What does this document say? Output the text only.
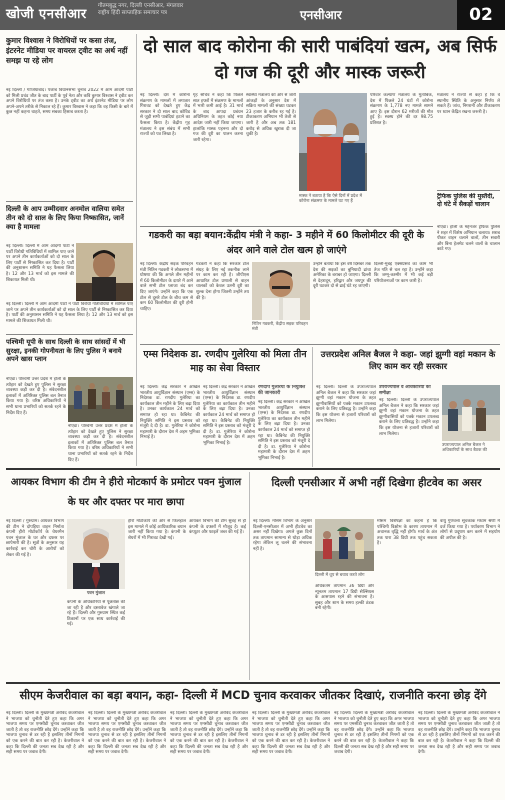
खोजी एनसीआर
गौतमबुद्ध नगर, दिल्ली एनसीआर, मंगलवार
राष्ट्रीय हिंदी साप्ताहिक समाचार पत्र	एनसीआर	02
कुमार विश्वास ने विरोधियों पर कसा तंज, इंटरनेट मीडिया पर वायरल ट्वीट का अर्थ नहीं समझ पा रहे लोग
नई दिल्ली / गाजियाबाद। पंजाब विधानसभा चुनाव 2022 में आम आदमी पार्टी को मिली प्रचंड जीत के बाद पार्टी के पूर्व नेता और कवि कुमार विश्वास ने ट्वीट कर अपने विरोधियों पर तंज कसा है। उनके ट्वीट का अर्थ इंटरनेट मीडिया पर लोग अपने-अपने तरीके से निकाल रहे हैं। कुमार विश्वास ने कहा कि वह किसी के बारे में कुछ नहीं कहना चाहते, समय सबका हिसाब करता है।
दिल्ली के आप उम्मीदवार अनमोल वालिया समेत तीन को दो साल के लिए किया निष्कासित, जानें क्या है मामला
नई दिल्ली। दिल्ली में आम आदमी पार्टी ने पार्टी विरोधी गतिविधियों में शामिल पाए जाने पर अपने तीन कार्यकर्ताओं को दो साल के लिए पार्टी से निष्कासित कर दिया है। पार्टी की अनुशासन समिति ने यह फैसला लिया है। 12 और 13 मार्च को इस मामले की शिकायत मिली थी।
नई दिल्ली। दिल्ली में आम आदमी पार्टी ने पार्टी विरोधी गतिविधियों में शामिल पाए जाने पर अपने तीन कार्यकर्ताओं को दो साल के लिए पार्टी से निष्कासित कर दिया है। पार्टी की अनुशासन समिति ने यह फैसला लिया है। 12 और 13 मार्च को इस मामले की शिकायत मिली थी।
पश्चिमी यूपी के साथ दिल्ली के साथ सांसदों में भी सुरक्षा, इनकी गोपनीयता के लिए पुलिस ने बनाये अपने खास प्लान
नोएडा। पश्चिमी उत्तर प्रदेश में होली के त्योहार को देखते हुए पुलिस ने सुरक्षा व्यवस्था कड़ी कर दी है। संवेदनशील इलाकों में अतिरिक्त पुलिस बल तैनात किया गया है। वरिष्ठ अधिकारियों ने सभी थाना प्रभारियों को सतर्क रहने के निर्देश दिए हैं।
नोएडा। पश्चिमी उत्तर प्रदेश में होली के त्योहार को देखते हुए पुलिस ने सुरक्षा व्यवस्था कड़ी कर दी है। संवेदनशील इलाकों में अतिरिक्त पुलिस बल तैनात किया गया है। वरिष्ठ अधिकारियों ने सभी थाना प्रभारियों को सतर्क रहने के निर्देश दिए हैं।
दो साल बाद कोरोना की सारी पाबंदियां खत्म, अब सिर्फ दो गज की दूरी और मास्क जरूरी
नई दिल्ली। देश में कोरोना संक्रमण के मामलों में लगातार गिरावट को देखते हुए केंद्र सरकार ने दो साल बाद कोविड से जुड़ी सभी पाबंदियां हटाने का फैसला किया है। केंद्रीय गृह मंत्रालय ने इस संबंध में सभी राज्यों को पत्र लिखा है।
गृह सचिव ने कहा कि पिछले सात हफ्तों में संक्रमण के मामलों में भारी कमी आई है। 31 मार्च के बाद आपदा प्रबंधन अधिनियम के तहत कोई नया आदेश जारी नहीं किया जाएगा। हालांकि मास्क पहनना और दो गज की दूरी का पालन करना जारी रहेगा।
स्वास्थ्य मंत्रालय की ओर से जारी आंकड़ों के अनुसार देश में सक्रिय मामलों की संख्या घटकर 23 हजार के करीब रह गई है। टीकाकरण अभियान भी तेजी से जारी है और अब तक 181 करोड़ से अधिक खुराक दी जा चुकी है।
मास्क ने बताया है कि ऐसे दिनों में प्रदेश में कोरोना संक्रमण के मामले घट गए हैं
परिवार कल्याण मंत्रालय के मुताबिक, देश में पिछले 24 घंटों में कोरोना संक्रमण के 1,778 नए मामले सामने आए हैं। इस दौरान 62 मरीजों की मौत हुई है। स्वस्थ होने की दर 98.75 प्रतिशत है।
मंत्रालय ने राज्यों से कहा है कि वे स्थानीय स्थिति के अनुसार निर्णय ले सकते हैं। जांच, निगरानी और टीकाकरण पर ध्यान केंद्रित रखना जरूरी है।
ट्रैफिक पुलिस की मुस्तैदी, दो घंटे में सैकड़ों चालान
नोएडा। होली के मद्देनजर ट्रैफिक पुलिस ने शहर में विशेष अभियान चलाया। शराब पीकर वाहन चलाने वालों, तीन सवारी और बिना हेलमेट चलने वालों के चालान काटे गए।
गडकरी का बड़ा बयान:केंद्रीय मंत्री ने कहा- 3 महीने में 60 किलोमीटर की दूरी के अंदर आने वाले टोल खत्म हो जाएंगे
नई दिल्ली। केंद्रीय सड़क परिवहन मंत्री नितिन गडकरी ने लोकसभा में घोषणा की कि अगले तीन महीनों में 60 किलोमीटर के दायरे में आने वाले सभी टोल प्लाजा बंद कर दिए जाएंगे। उन्होंने कहा कि एक टोल से दूसरे टोल के बीच कम से कम 60 किलोमीटर की दूरी होनी चाहिए।
गडकरी ने कहा कि सरकार टोल संग्रह के लिए नई तकनीक लाने पर काम कर रही है। जीपीएस आधारित टोल प्रणाली से वाहन चालकों को केवल उतनी दूरी का शुल्क देना होगा जितनी उन्होंने तय की है।
नितिन गडकरी, केंद्रीय सड़क परिवहन मंत्री
उन्होंने बताया कि इस वर्ष दिसंबर तक देश की सड़कों का बुनियादी ढांचा अमेरिका के बराबर हो जाएगा। दिल्ली से देहरादून, हरिद्वार और जयपुर की दूरी घटकर दो से ढाई घंटे रह जाएगी।
दिल्ली-मुंबई एक्सप्रेसवे का काम भी तेज गति से चल रहा है। उन्होंने कहा कि जम्मू-कश्मीर में भी कई बड़ी परियोजनाओं पर काम जारी है।
एम्स निदेशक डा. रणदीप गुलेरिया को मिला तीन माह का सेवा विस्तार
नई दिल्ली। केंद्र सरकार ने अखिल भारतीय आयुर्विज्ञान संस्थान (एम्स) के निदेशक डा. रणदीप गुलेरिया का कार्यकाल तीन महीने के लिए बढ़ा दिया है। उनका कार्यकाल 24 मार्च को समाप्त हो रहा था। कैबिनेट की नियुक्ति समिति ने इस प्रस्ताव को मंजूरी दे दी है। डा. गुलेरिया ने कोरोना महामारी के दौरान देश में अहम भूमिका निभाई है।
नई दिल्ली। केंद्र सरकार ने अखिल भारतीय आयुर्विज्ञान संस्थान (एम्स) के निदेशक डा. रणदीप गुलेरिया का कार्यकाल तीन महीने के लिए बढ़ा दिया है। उनका कार्यकाल 24 मार्च को समाप्त हो रहा था। कैबिनेट की नियुक्ति समिति ने इस प्रस्ताव को मंजूरी दे दी है। डा. गुलेरिया ने कोरोना महामारी के दौरान देश में अहम भूमिका निभाई है।
रणदीप गुलेरिया के नियुक्ति की जानकारी
नई दिल्ली। केंद्र सरकार ने अखिल भारतीय आयुर्विज्ञान संस्थान (एम्स) के निदेशक डा. रणदीप गुलेरिया का कार्यकाल तीन महीने के लिए बढ़ा दिया है। उनका कार्यकाल 24 मार्च को समाप्त हो रहा था। कैबिनेट की नियुक्ति समिति ने इस प्रस्ताव को मंजूरी दे दी है। डा. गुलेरिया ने कोरोना महामारी के दौरान देश में अहम भूमिका निभाई है।
उत्तरप्रदेश अनिल बैजल ने कहा- जहां झुग्गी वहां मकान के लिए काम कर रही सरकार
नई दिल्ली। दिल्ली के उपराज्यपाल अनिल बैजल ने कहा कि सरकार जहां झुग्गी वहां मकान योजना के तहत झुग्गीवासियों को पक्के मकान उपलब्ध कराने के लिए प्रतिबद्ध है। उन्होंने कहा कि इस योजना से हजारों परिवारों को लाभ मिलेगा।
उपराज्यपाल व अधिकारियों की समीक्षा
नई दिल्ली। दिल्ली के उपराज्यपाल अनिल बैजल ने कहा कि सरकार जहां झुग्गी वहां मकान योजना के तहत झुग्गीवासियों को पक्के मकान उपलब्ध कराने के लिए प्रतिबद्ध है। उन्होंने कहा कि इस योजना से हजारों परिवारों को लाभ मिलेगा।
उपराज्यपाल अनिल बैजल ने अधिकारियों के साथ बैठक की
आयकर विभाग की टीम ने हीरो मोटकार्प के प्रमोटर पवन मुंजाल के घर और दफ्तर पर मारा छापा
नई दिल्ली / गुरुग्राम। आयकर विभाग की टीम ने दोपहिया वाहन निर्माता कंपनी हीरो मोटोकॉर्प के चेयरमैन पवन मुंजाल के घर और दफ्तर पर छापेमारी की है। सूत्रों के अनुसार यह कार्रवाई कर चोरी के आरोपों को लेकर की गई है।
पवन मुंजाल
कंपनी के अधिकारियों से पूछताछ की जा रही है और दस्तावेज खंगाले जा रहे हैं। दिल्ली और गुरुग्राम स्थित कई ठिकानों पर एक साथ कार्रवाई की गई।
हीरो मोटोकॉर्प की ओर से फिलहाल इस मामले में कोई आधिकारिक बयान जारी नहीं किया गया है। कंपनी के शेयरों में भी गिरावट देखी गई।
आयकर विभाग की टीम सुबह से ही कंपनी के दफ्तरों में मौजूद है। कई कंप्यूटर और फाइलें जब्त की गई हैं।
दिल्ली एनसीआर में अभी नहीं दिखेगा हीटवेव का असर
नई दिल्ली। मौसम विभाग के अनुसार दिल्ली-एनसीआर में अभी हीटवेव का असर नहीं दिखेगा। अगले कुछ दिनों तक तापमान सामान्य से थोड़ा अधिक रहेगा लेकिन लू चलने की संभावना नहीं है।
दिल्ली में धूप से बचाव करते लोग
अधिकतम तापमान 36 डिग्री और न्यूनतम तापमान 17 डिग्री सेल्सियस के आसपास रहने की संभावना है। सुबह और शाम के समय हल्की ठंडक बनी रहेगी।
मौसम विशेषज्ञों का कहना है कि पश्चिमी विक्षोभ के कारण तापमान में अचानक वृद्धि नहीं होगी। मार्च के अंत तक पारा 38 डिग्री तक पहुंच सकता है।
वायु गुणवत्ता सूचकांक मध्यम श्रेणी में दर्ज किया गया है। पर्यावरण विभाग ने लोगों से प्रदूषण कम करने में सहयोग की अपील की है।
सीएम केजरीवाल का बड़ा बयान, कहा- दिल्ली में MCD चुनाव करवाकर जीतकर दिखाएं, राजनीति करना छोड़ देंगे
नई दिल्ली। दिल्ली के मुख्यमंत्री अरविंद केजरीवाल ने भाजपा को चुनौती देते हुए कहा कि अगर भाजपा समय पर एमसीडी चुनाव करवाकर जीत जाती है तो वह राजनीति छोड़ देंगे। उन्होंने कहा कि भाजपा चुनाव से डर रही है इसलिए तीनों निगमों को एक करने की बात कर रही है। केजरीवाल ने कहा कि दिल्ली की जनता सब देख रही है और सही समय पर जवाब देगी।
नई दिल्ली। दिल्ली के मुख्यमंत्री अरविंद केजरीवाल ने भाजपा को चुनौती देते हुए कहा कि अगर भाजपा समय पर एमसीडी चुनाव करवाकर जीत जाती है तो वह राजनीति छोड़ देंगे। उन्होंने कहा कि भाजपा चुनाव से डर रही है इसलिए तीनों निगमों को एक करने की बात कर रही है। केजरीवाल ने कहा कि दिल्ली की जनता सब देख रही है और सही समय पर जवाब देगी।
नई दिल्ली। दिल्ली के मुख्यमंत्री अरविंद केजरीवाल ने भाजपा को चुनौती देते हुए कहा कि अगर भाजपा समय पर एमसीडी चुनाव करवाकर जीत जाती है तो वह राजनीति छोड़ देंगे। उन्होंने कहा कि भाजपा चुनाव से डर रही है इसलिए तीनों निगमों को एक करने की बात कर रही है। केजरीवाल ने कहा कि दिल्ली की जनता सब देख रही है और सही समय पर जवाब देगी।
नई दिल्ली। दिल्ली के मुख्यमंत्री अरविंद केजरीवाल ने भाजपा को चुनौती देते हुए कहा कि अगर भाजपा समय पर एमसीडी चुनाव करवाकर जीत जाती है तो वह राजनीति छोड़ देंगे। उन्होंने कहा कि भाजपा चुनाव से डर रही है इसलिए तीनों निगमों को एक करने की बात कर रही है। केजरीवाल ने कहा कि दिल्ली की जनता सब देख रही है और सही समय पर जवाब देगी।
नई दिल्ली। दिल्ली के मुख्यमंत्री अरविंद केजरीवाल ने भाजपा को चुनौती देते हुए कहा कि अगर भाजपा समय पर एमसीडी चुनाव करवाकर जीत जाती है तो वह राजनीति छोड़ देंगे। उन्होंने कहा कि भाजपा चुनाव से डर रही है इसलिए तीनों निगमों को एक करने की बात कर रही है। केजरीवाल ने कहा कि दिल्ली की जनता सब देख रही है और सही समय पर जवाब देगी।
नई दिल्ली। दिल्ली के मुख्यमंत्री अरविंद केजरीवाल ने भाजपा को चुनौती देते हुए कहा कि अगर भाजपा समय पर एमसीडी चुनाव करवाकर जीत जाती है तो वह राजनीति छोड़ देंगे। उन्होंने कहा कि भाजपा चुनाव से डर रही है इसलिए तीनों निगमों को एक करने की बात कर रही है। केजरीवाल ने कहा कि दिल्ली की जनता सब देख रही है और सही समय पर जवाब देगी।
